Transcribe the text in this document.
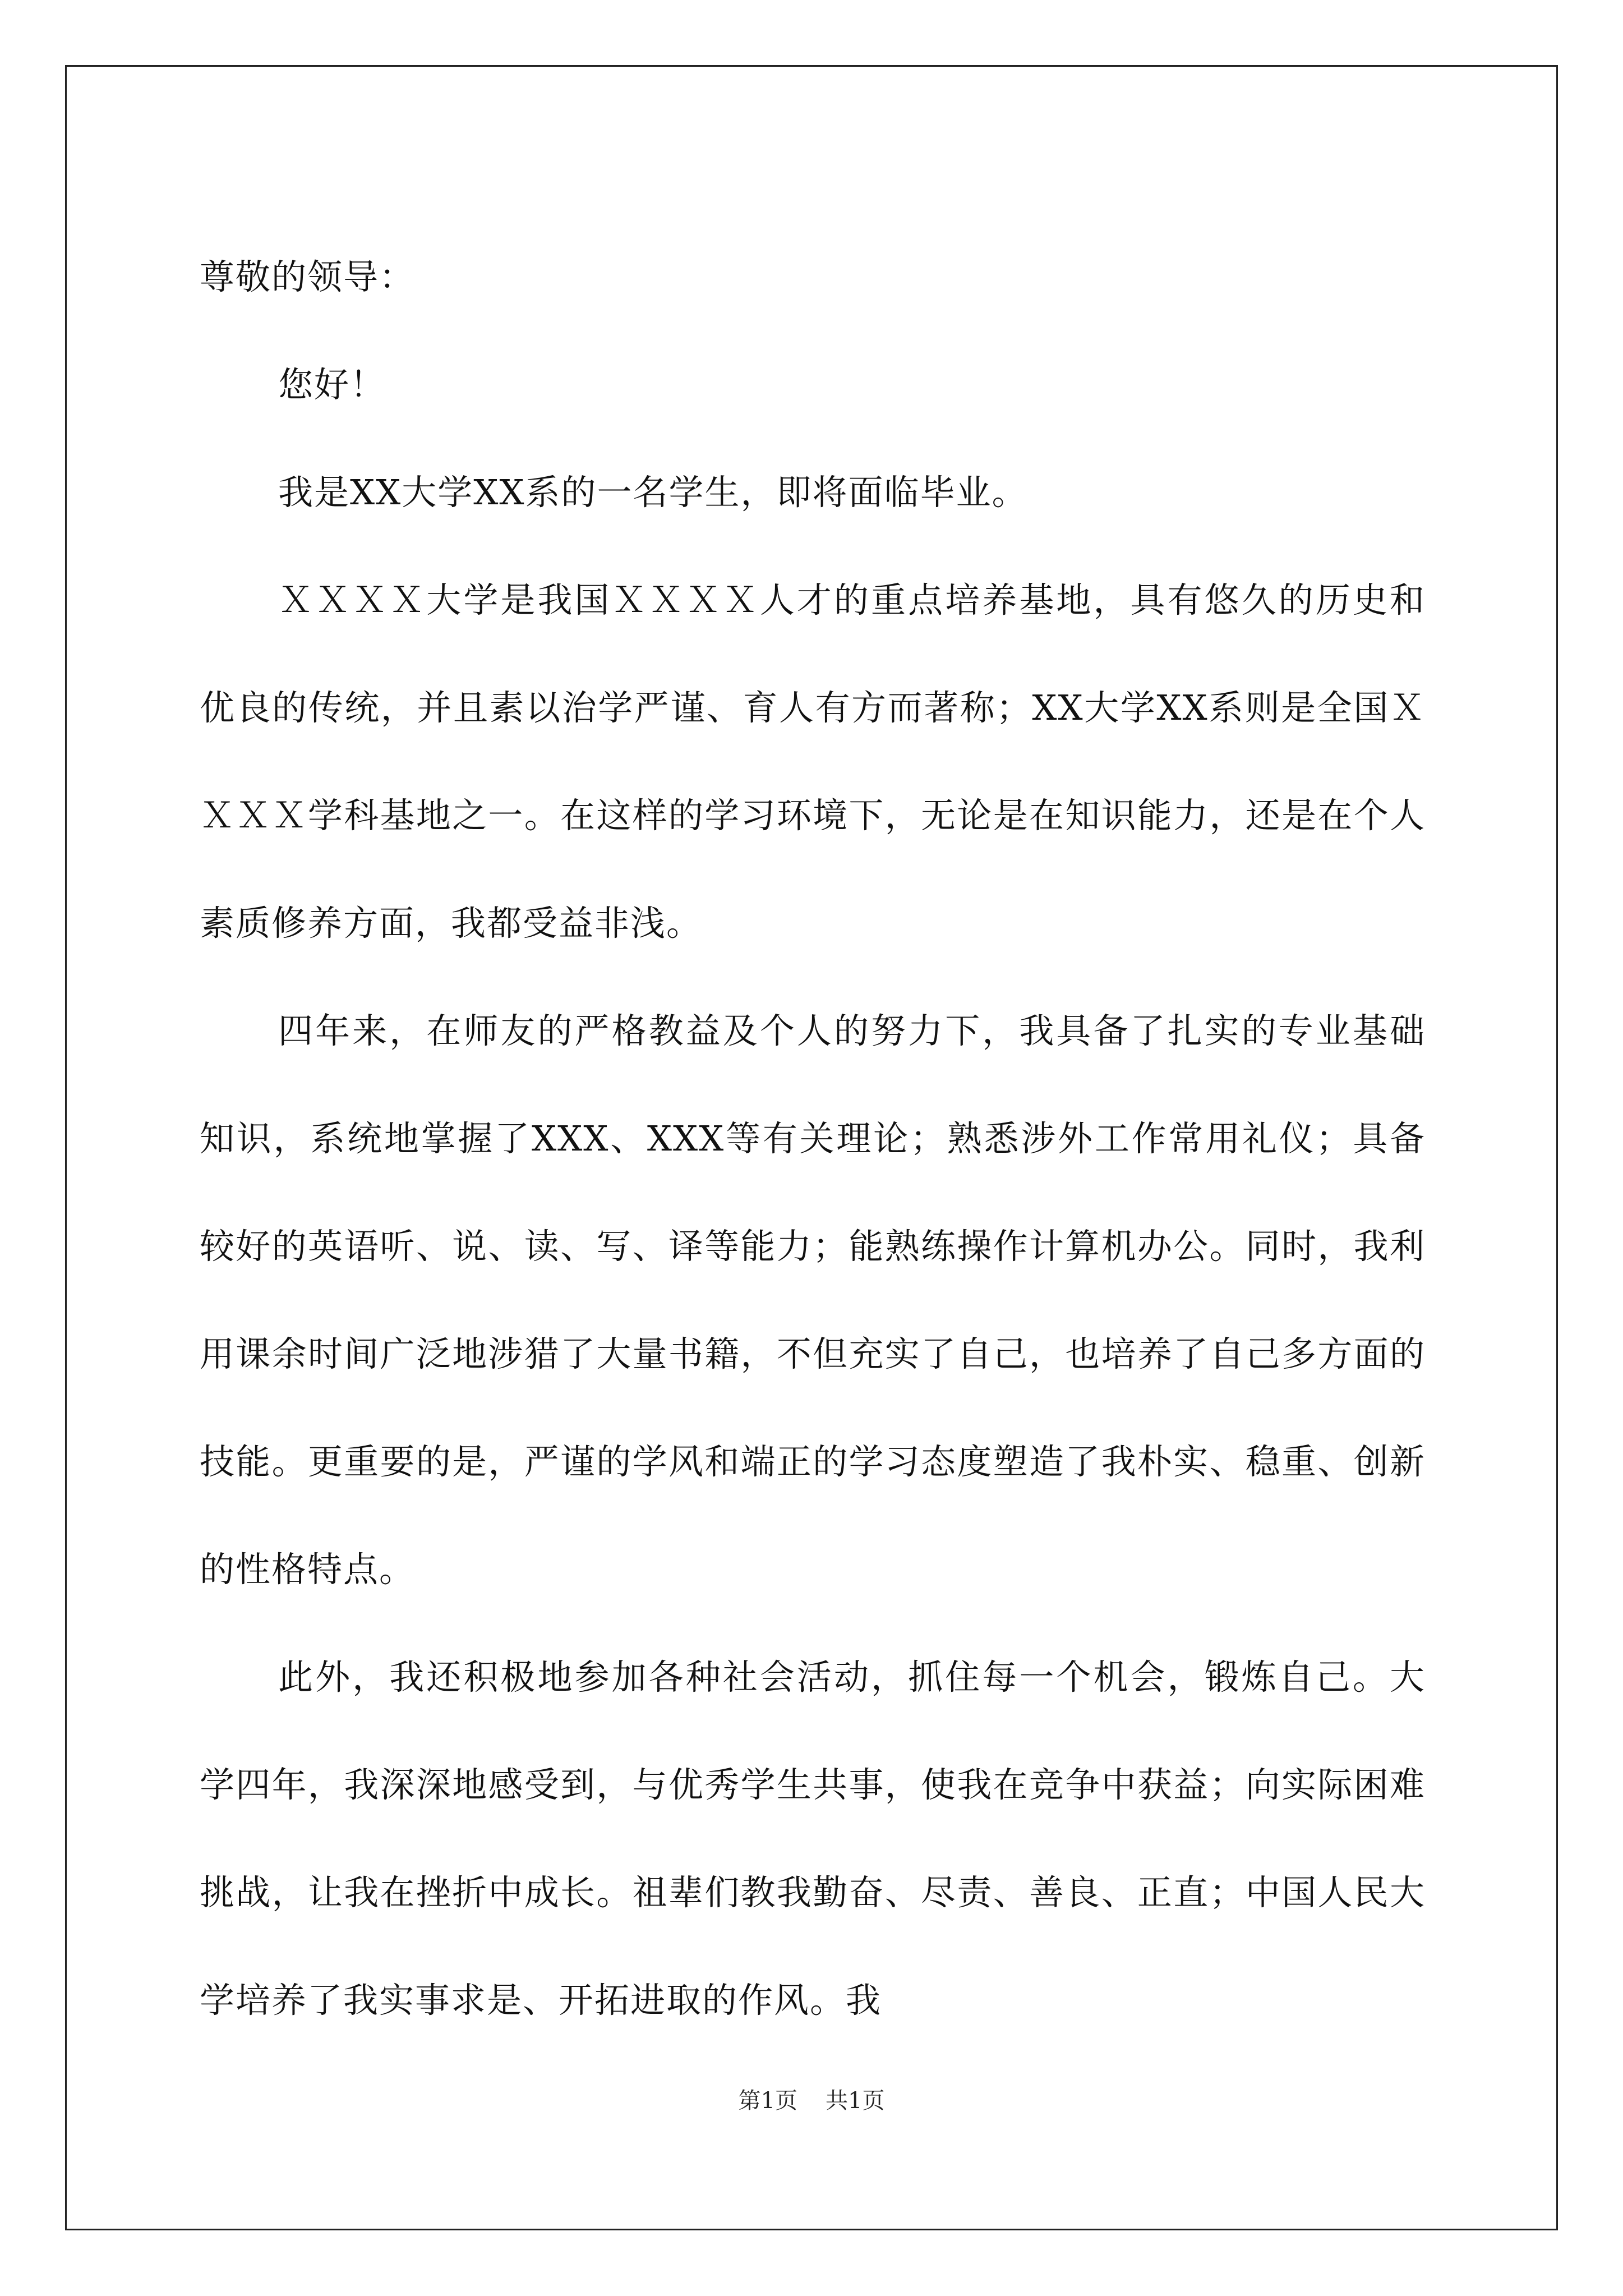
尊敬的领导：

您好！

我是XX大学XX系的一名学生，即将面临毕业。

ＸＸＸＸ大学是我国ＸＸＸＸ人才的重点培养基地，具有悠久的历史和优良的传统，并且素以治学严谨、育人有方而著称；XX大学XX系则是全国ＸＸＸＸ学科基地之一。在这样的学习环境下，无论是在知识能力，还是在个人素质修养方面，我都受益非浅。

四年来，在师友的严格教益及个人的努力下，我具备了扎实的专业基础知识，系统地掌握了XXX、XXX等有关理论；熟悉涉外工作常用礼仪；具备较好的英语听、说、读、写、译等能力；能熟练操作计算机办公。同时，我利用课余时间广泛地涉猎了大量书籍，不但充实了自己，也培养了自己多方面的技能。更重要的是，严谨的学风和端正的学习态度塑造了我朴实、稳重、创新的性格特点。

此外，我还积极地参加各种社会活动，抓住每一个机会，锻炼自己。大学四年，我深深地感受到，与优秀学生共事，使我在竞争中获益；向实际困难挑战，让我在挫折中成长。祖辈们教我勤奋、尽责、善良、正直；中国人民大学培养了我实事求是、开拓进取的作风。我

第1页 共1页
